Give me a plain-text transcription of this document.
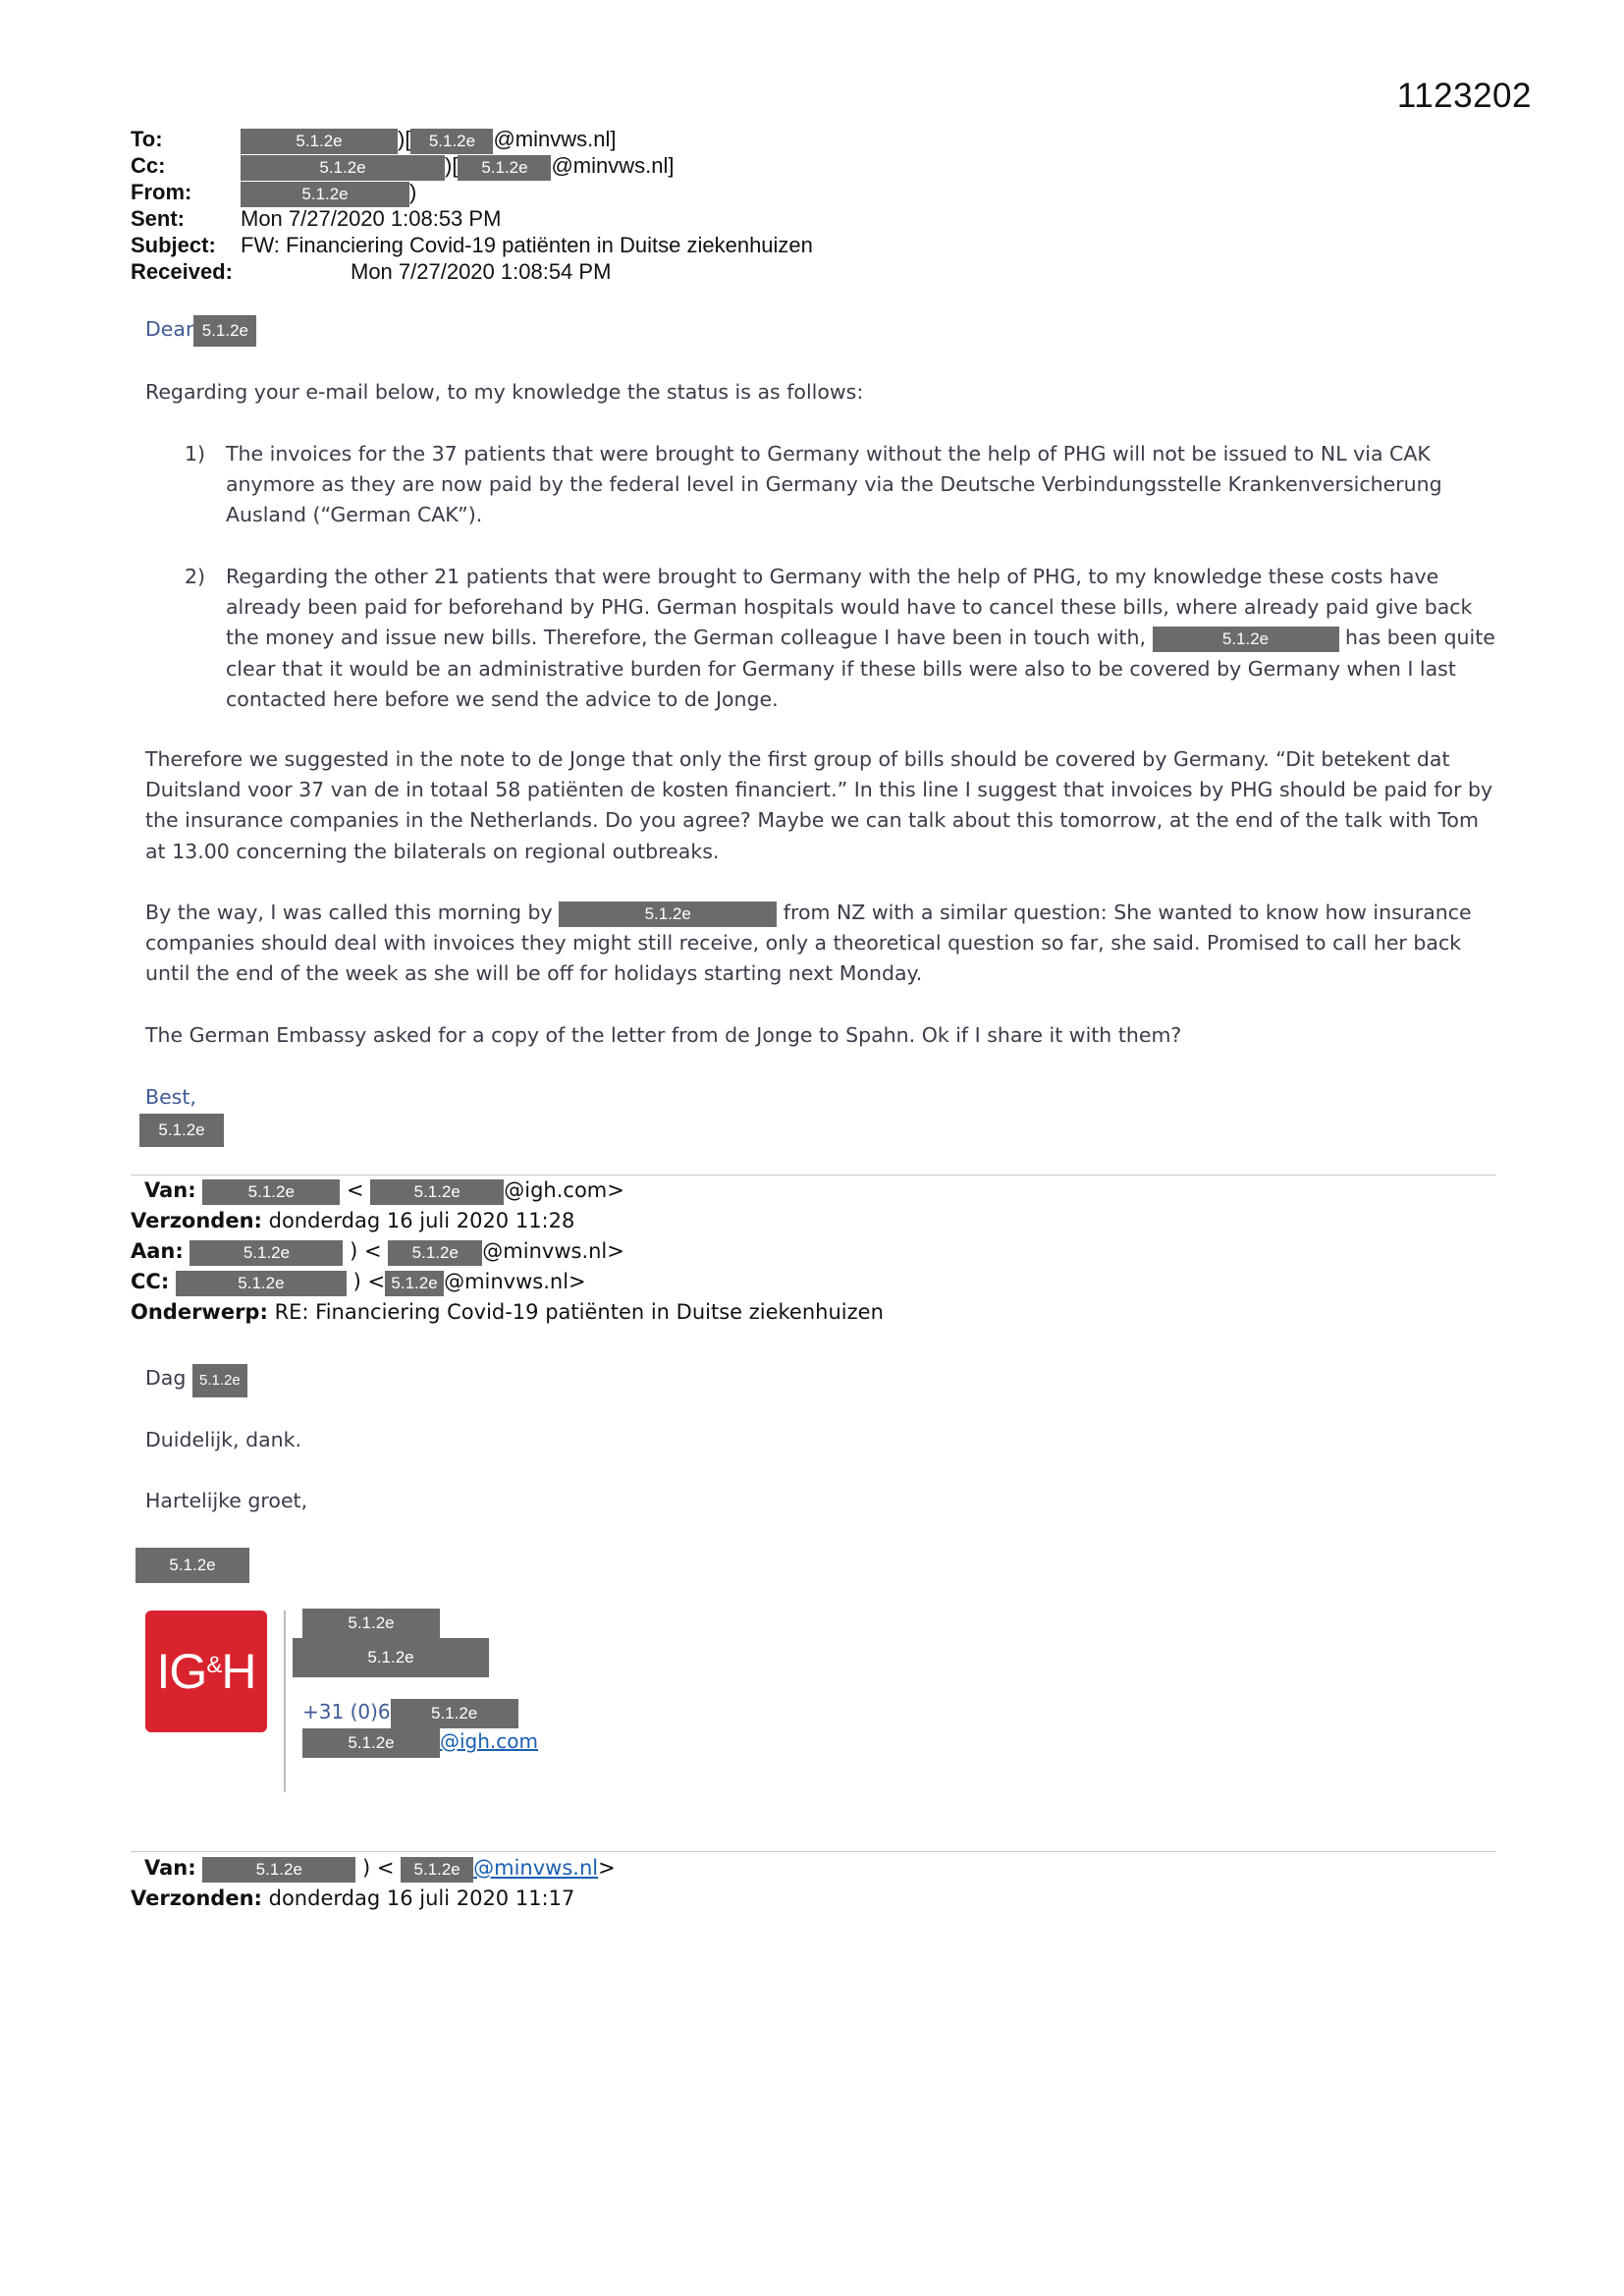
1123202
To:	5.1.2e	)[ 5.1.2e @minvws.nl]
Cc:	5.1.2e	)[ 5.1.2e @minvws.nl]
From:	5.1.2e	)
Sent:	Mon 7/27/2020 1:08:53 PM
Subject: FW: Financiering Covid-19 patiënten in Duitse ziekenhuizen
Received:	Mon 7/27/2020 1:08:54 PM
Dear 5.1.2e
Regarding your e-mail below, to my knowledge the status is as follows:
1) The invoices for the 37 patients that were brought to Germany without the help of PHG will not be issued to NL via CAK anymore as they are now paid by the federal level in Germany via the Deutsche Verbindungsstelle Krankenversicherung Ausland (“German CAK”).
2) Regarding the other 21 patients that were brought to Germany with the help of PHG, to my knowledge these costs have already been paid for beforehand by PHG. German hospitals would have to cancel these bills, where already paid give back the money and issue new bills. Therefore, the German colleague I have been in touch with,	5.1.2e	has been quite clear that it would be an administrative burden for Germany if these bills were also to be covered by Germany when I last contacted here before we send the advice to de Jonge.
Therefore we suggested in the note to de Jonge that only the first group of bills should be covered by Germany. “Dit betekent dat Duitsland voor 37 van de in totaal 58 patiënten de kosten financiert.” In this line I suggest that invoices by PHG should be paid for by the insurance companies in the Netherlands. Do you agree? Maybe we can talk about this tomorrow, at the end of the talk with Tom at 13.00 concerning the bilaterals on regional outbreaks.
By the way, I was called this morning by	5.1.2e	from NZ with a similar question: She wanted to know how insurance companies should deal with invoices they might still receive, only a theoretical question so far, she said. Promised to call her back until the end of the week as she will be off for holidays starting next Monday.
The German Embassy asked for a copy of the letter from de Jonge to Spahn. Ok if I share it with them?
Best,
5.1.2e
Van:	5.1.2e <	5.1.2e @igh.com>
Verzonden: donderdag 16 juli 2020 11:28
Aan:	5.1.2e	) < 5.1.2e @minvws.nl>
CC:	5.1.2e	) < 5.1.2e @minvws.nl>
Onderwerp: RE: Financiering Covid-19 patiënten in Duitse ziekenhuizen
Dag 5.1.2e
Duidelijk, dank.
Hartelijke groet,
5.1.2e
IG& H
5.1.2e
5.1.2e
+31 (0)6 5.1.2e
5.1.2e @igh.com
Van:	5.1.2e	) < 5.1.2e @minvws.nl>
Verzonden: donderdag 16 juli 2020 11:17
